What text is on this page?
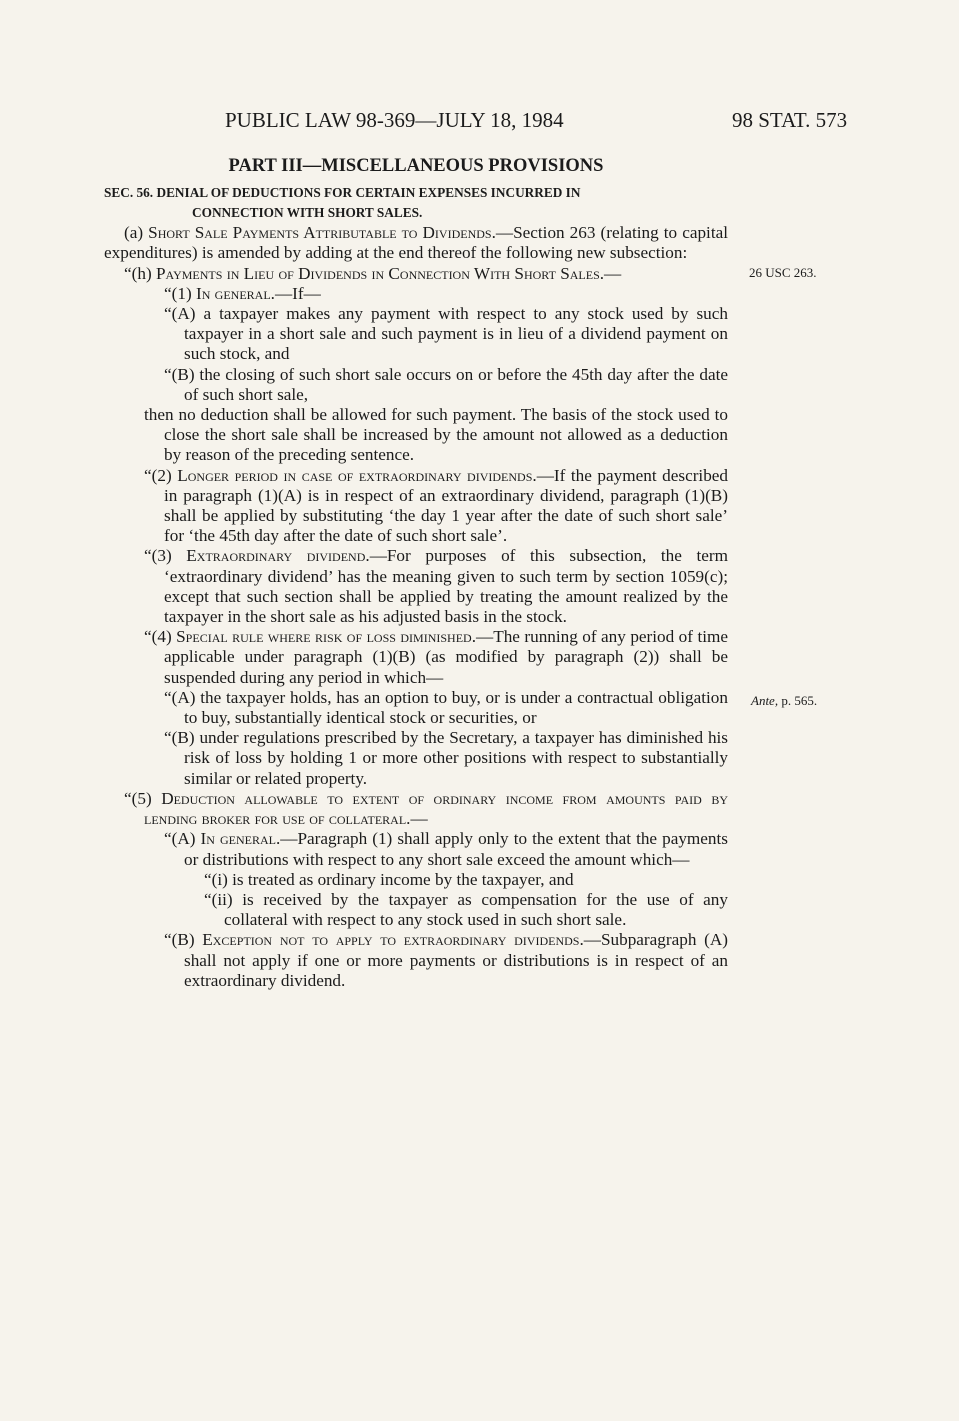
PUBLIC LAW 98-369—JULY 18, 1984	98 STAT. 573
26 USC 263.
Ante, p. 565.
PART III—MISCELLANEOUS PROVISIONS
SEC. 56. DENIAL OF DEDUCTIONS FOR CERTAIN EXPENSES INCURRED IN
CONNECTION WITH SHORT SALES.

(a) Short Sale Payments Attributable to Dividends.—Section 263 (relating to capital expenditures) is amended by adding at the end thereof the following new subsection:

“(h) Payments in Lieu of Dividends in Connection With Short Sales.—

“(1) In general.—If—

“(A) a taxpayer makes any payment with respect to any stock used by such taxpayer in a short sale and such payment is in lieu of a dividend payment on such stock, and

“(B) the closing of such short sale occurs on or before the 45th day after the date of such short sale,

then no deduction shall be allowed for such payment. The basis of the stock used to close the short sale shall be increased by the amount not allowed as a deduction by reason of the preceding sentence.

“(2) Longer period in case of extraordinary dividends.—If the payment described in paragraph (1)(A) is in respect of an extraordinary dividend, paragraph (1)(B) shall be applied by substituting ‘the day 1 year after the date of such short sale’ for ‘the 45th day after the date of such short sale’.

“(3) Extraordinary dividend.—For purposes of this subsection, the term ‘extraordinary dividend’ has the meaning given to such term by section 1059(c); except that such section shall be applied by treating the amount realized by the taxpayer in the short sale as his adjusted basis in the stock.

“(4) Special rule where risk of loss diminished.—The running of any period of time applicable under paragraph (1)(B) (as modified by paragraph (2)) shall be suspended during any period in which—

“(A) the taxpayer holds, has an option to buy, or is under a contractual obligation to buy, substantially identical stock or securities, or

“(B) under regulations prescribed by the Secretary, a taxpayer has diminished his risk of loss by holding 1 or more other positions with respect to substantially similar or related property.

“(5) Deduction allowable to extent of ordinary income from amounts paid by lending broker for use of collateral.—

“(A) In general.—Paragraph (1) shall apply only to the extent that the payments or distributions with respect to any short sale exceed the amount which—

“(i) is treated as ordinary income by the taxpayer, and

“(ii) is received by the taxpayer as compensation for the use of any collateral with respect to any stock used in such short sale.

“(B) Exception not to apply to extraordinary dividends.—Subparagraph (A) shall not apply if one or more payments or distributions is in respect of an extraordinary dividend.
